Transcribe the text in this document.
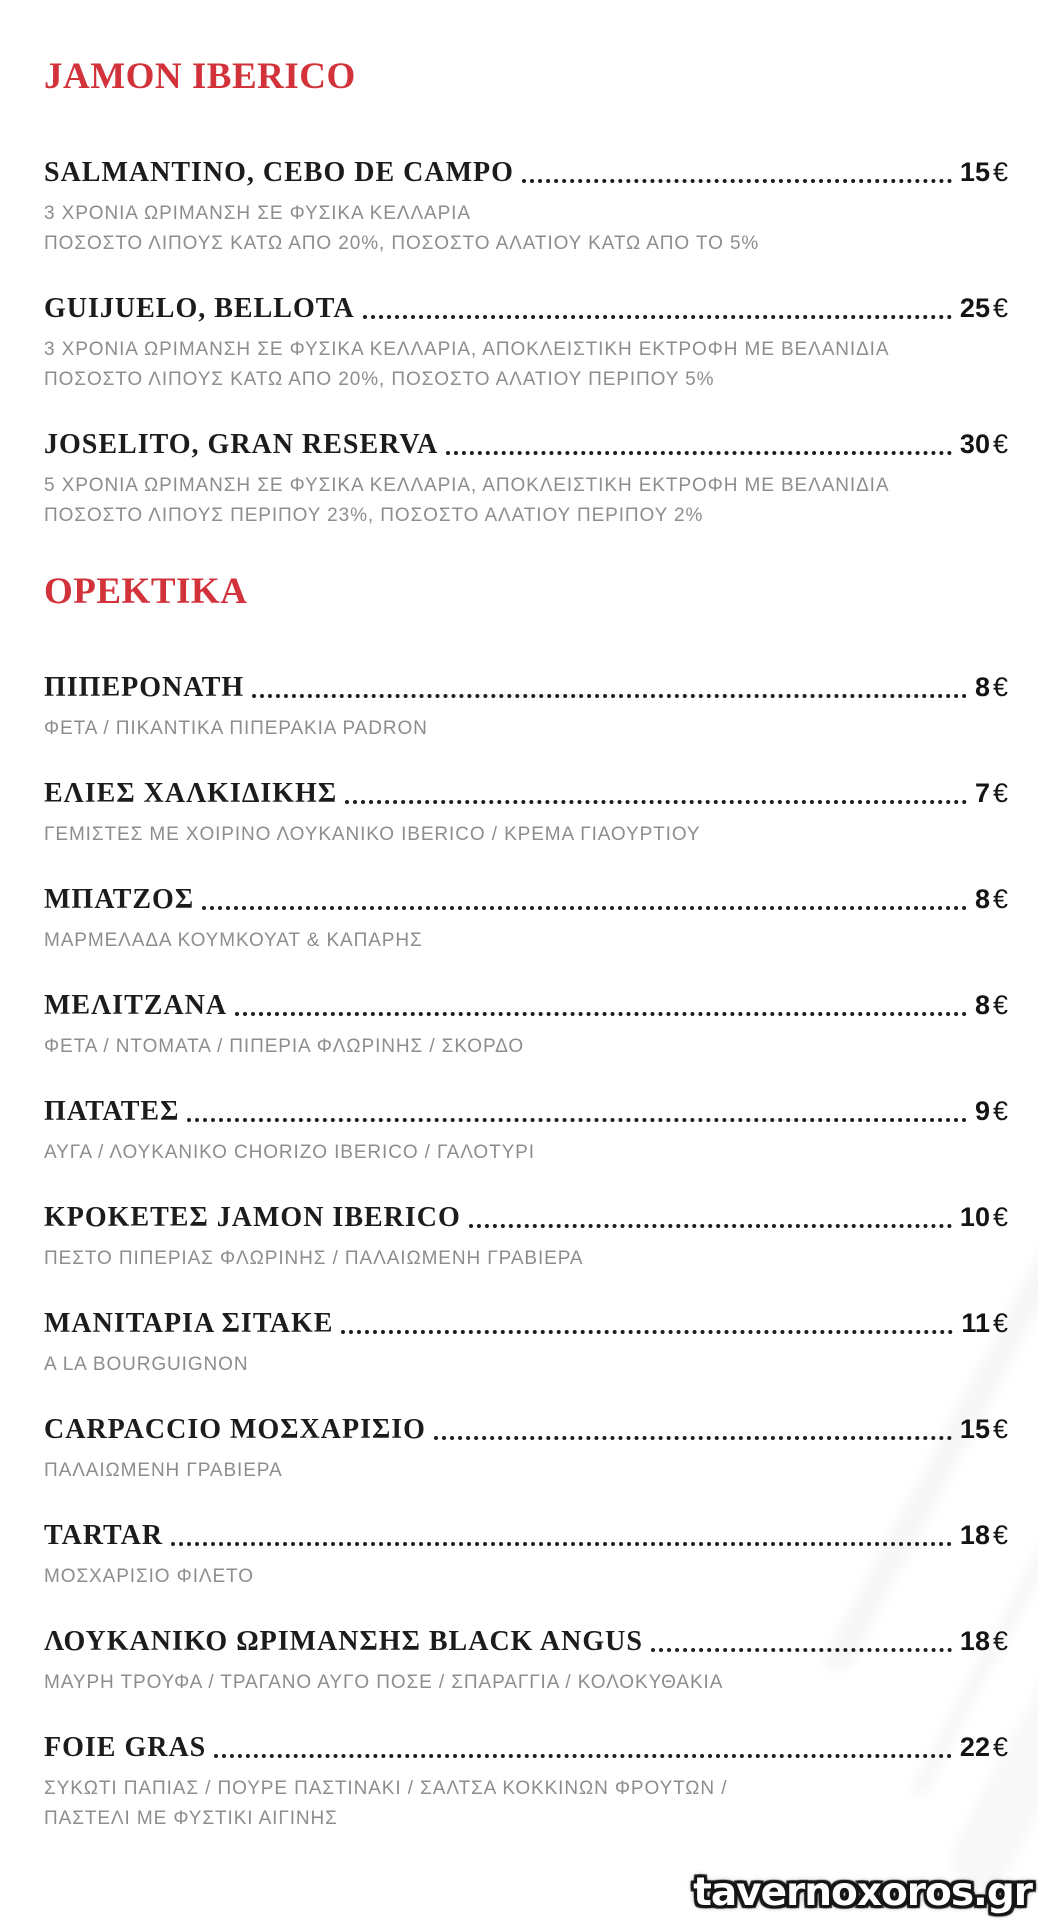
JAMON IBERICO
SALMANTINO, CEBO DE CAMPO	15 €
3 ΧΡΟΝΙΑ ΩΡΙΜΑΝΣΗ ΣΕ ΦΥΣΙΚΑ ΚΕΛΛΑΡΙΑ
ΠΟΣΟΣΤΟ ΛΙΠΟΥΣ ΚΑΤΩ ΑΠΟ 20%, ΠΟΣΟΣΤΟ ΑΛΑΤΙΟΥ ΚΑΤΩ ΑΠΟ ΤΟ 5%
GUIJUELO, BELLOTA	25 €
3 ΧΡΟΝΙΑ ΩΡΙΜΑΝΣΗ ΣΕ ΦΥΣΙΚΑ ΚΕΛΛΑΡΙΑ, ΑΠΟΚΛΕΙΣΤΙΚΗ ΕΚΤΡΟΦΗ ΜΕ ΒΕΛΑΝΙΔΙΑ
ΠΟΣΟΣΤΟ ΛΙΠΟΥΣ ΚΑΤΩ ΑΠΟ 20%, ΠΟΣΟΣΤΟ ΑΛΑΤΙΟΥ ΠΕΡΙΠΟΥ 5%
JOSELITO, GRAN RESERVA	30 €
5 ΧΡΟΝΙΑ ΩΡΙΜΑΝΣΗ ΣΕ ΦΥΣΙΚΑ ΚΕΛΛΑΡΙΑ, ΑΠΟΚΛΕΙΣΤΙΚΗ ΕΚΤΡΟΦΗ ΜΕ ΒΕΛΑΝΙΔΙΑ
ΠΟΣΟΣΤΟ ΛΙΠΟΥΣ ΠΕΡΙΠΟΥ 23%, ΠΟΣΟΣΤΟ ΑΛΑΤΙΟΥ ΠΕΡΙΠΟΥ 2%
ΟΡΕΚΤΙΚΑ
ΠΙΠΕΡΟΝΑΤΗ	8 €
ΦΕΤΑ / ΠΙΚΑΝΤΙΚΑ ΠΙΠΕΡΑΚΙΑ PADRON
ΕΛΙΕΣ ΧΑΛΚΙΔΙΚΗΣ	7 €
ΓΕΜΙΣΤΕΣ ΜΕ ΧΟΙΡΙΝΟ ΛΟΥΚΑΝΙΚΟ IBERICO / ΚΡΕΜΑ ΓΙΑΟΥΡΤΙΟΥ
ΜΠΑΤΖΟΣ	8 €
ΜΑΡΜΕΛΑΔΑ ΚΟΥΜΚΟΥΑΤ & ΚΑΠΑΡΗΣ
ΜΕΛΙΤΖΑΝΑ	8 €
ΦΕΤΑ / ΝΤΟΜΑΤΑ / ΠΙΠΕΡΙΑ ΦΛΩΡΙΝΗΣ / ΣΚΟΡΔΟ
ΠΑΤΑΤΕΣ	9 €
ΑΥΓΑ / ΛΟΥΚΑΝΙΚΟ CHORIZO IBERICO / ΓΑΛΟΤΥΡΙ
ΚΡΟΚΕΤΕΣ JAMON IBERICO	10 €
ΠΕΣΤΟ ΠΙΠΕΡΙΑΣ ΦΛΩΡΙΝΗΣ / ΠΑΛΑΙΩΜΕΝΗ ΓΡΑΒΙΕΡΑ
ΜΑΝΙΤΑΡΙΑ ΣΙΤΑΚΕ	11 €
A LA BOURGUIGNON
CARPACCIO ΜΟΣΧΑΡΙΣΙΟ	15 €
ΠΑΛΑΙΩΜΕΝΗ ΓΡΑΒΙΕΡΑ
TARTAR	18 €
ΜΟΣΧΑΡΙΣΙΟ ΦΙΛΕΤΟ
ΛΟΥΚΑΝΙΚΟ ΩΡΙΜΑΝΣΗΣ BLACK ANGUS	18 €
ΜΑΥΡΗ ΤΡΟΥΦΑ / ΤΡΑΓΑΝΟ ΑΥΓΟ ΠΟΣΕ / ΣΠΑΡΑΓΓΙΑ / ΚΟΛΟΚΥΘΑΚΙΑ
FOIE GRAS	22 €
ΣΥΚΩΤΙ ΠΑΠΙΑΣ / ΠΟΥΡΕ ΠΑΣΤΙΝΑΚΙ / ΣΑΛΤΣΑ ΚΟΚΚΙΝΩΝ ΦΡΟΥΤΩΝ /
ΠΑΣΤΕΛΙ ΜΕ ΦΥΣΤΙΚΙ ΑΙΓΙΝΗΣ
tavernoxoros.gr
